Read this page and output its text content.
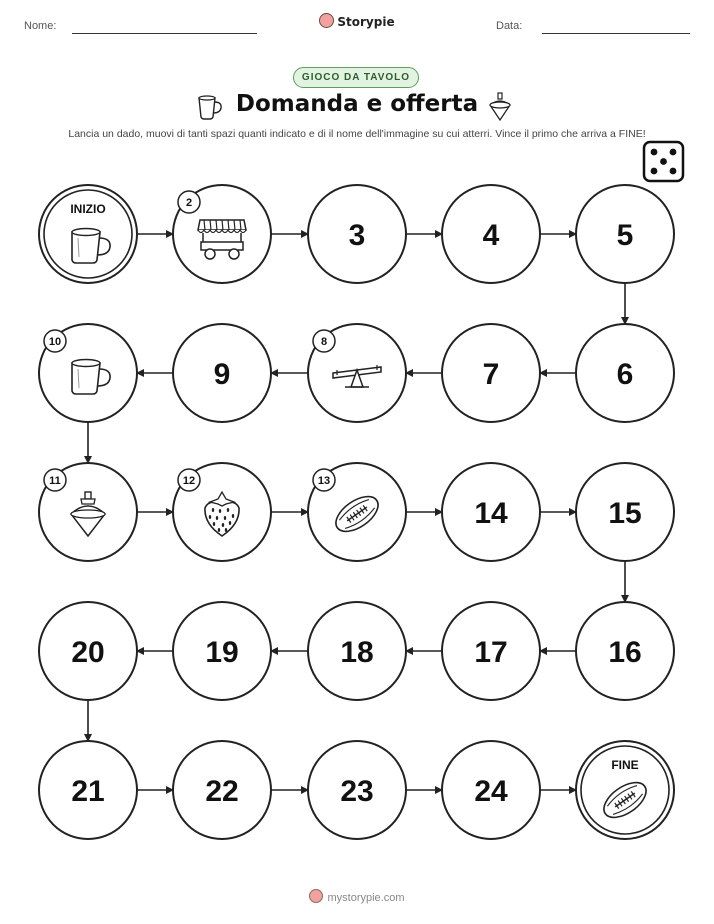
Nome:	Storypie	Data:
GIOCO DA TAVOLO
Domanda e offerta
Lancia un dado, muovi di tanti spazi quanti indicato e di il nome dell'immagine su cui atterri. Vince il primo che arriva a FINE!
INIZIO	2
3	4	5
6
7
8
9
10
11	12	13
14	15
16
17
18
19
20
21	22	23	24
FINE
mystorypie.com
